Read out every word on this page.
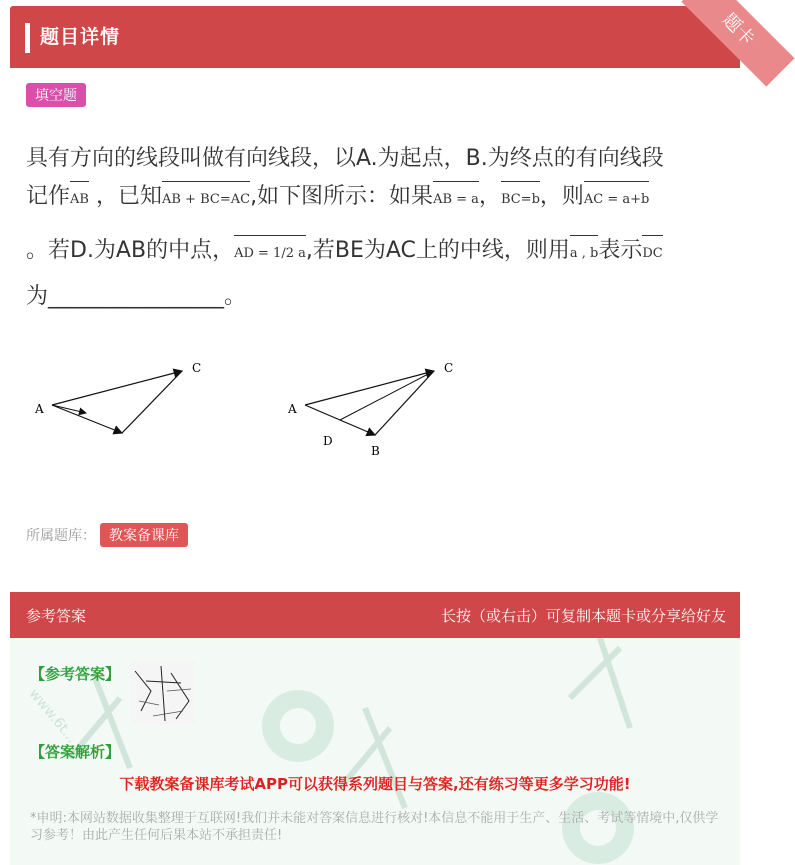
题目详情	题卡
填空题
具有方向的线段叫做有向线段，以A.为起点，B.为终点的有向线段
记作AB ，已知AB + BC=AC,如下图所示：如果AB = a，BC=b，则AC = a+b
。若D.为AB的中点，AD = 1/2 a,若BE为AC上的中线，则用a , b表示DC
为________________。
A
C
A
C
D
B
所属题库： 教案备课库
参考答案	长按（或右击）可复制本题卡或分享给好友
www.6t...
【参考答案】
【答案解析】
下载教案备课库考试APP可以获得系列题目与答案,还有练习等更多学习功能!
*申明:本网站数据收集整理于互联网!我们并未能对答案信息进行核对!本信息不能用于生产、生活、考试等情境中,仅供学习参考！由此产生任何后果本站不承担责任!
